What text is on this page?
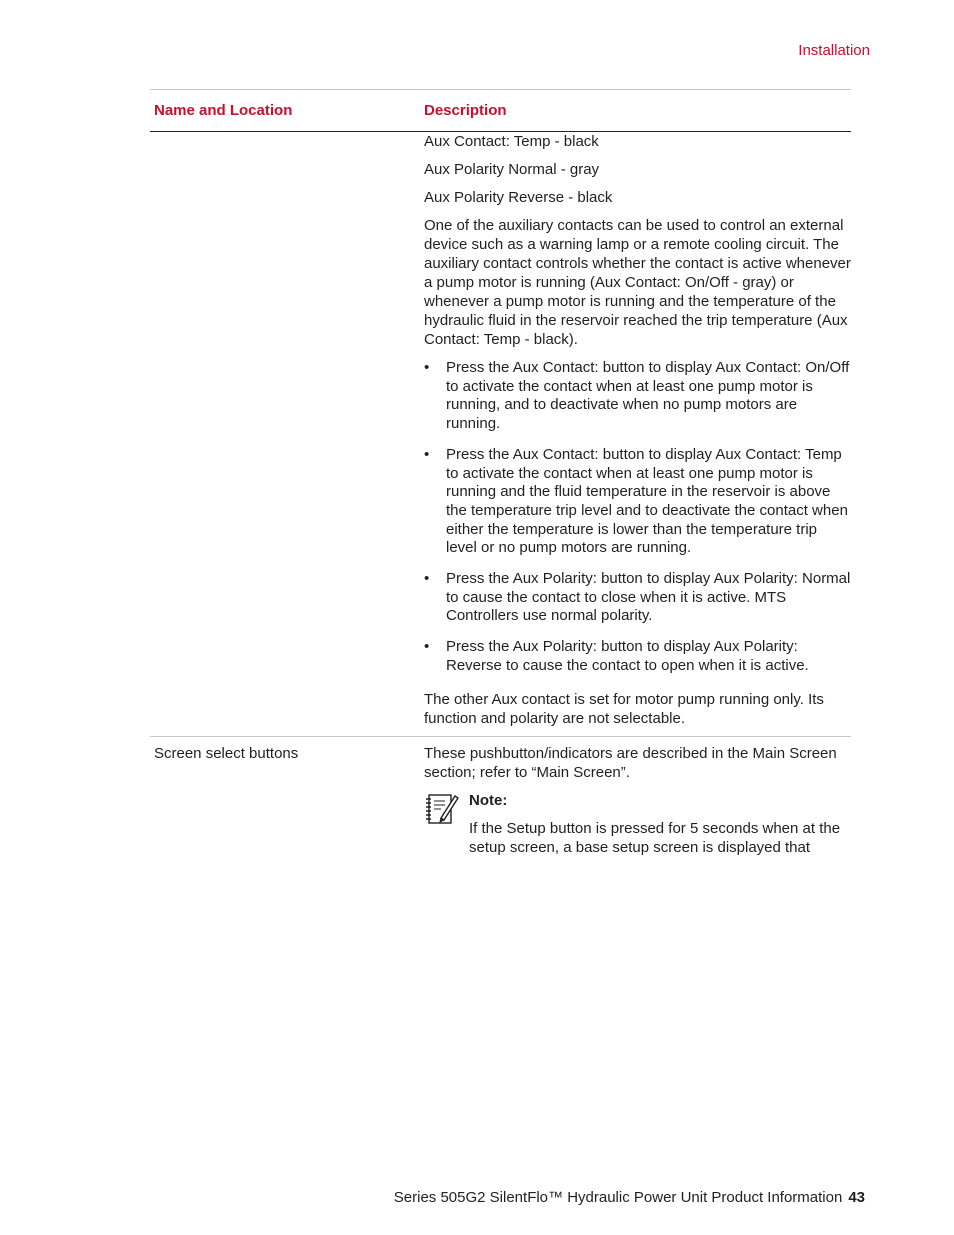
Installation
Name and Location	Description

Aux Contact: Temp - black

Aux Polarity Normal - gray

Aux Polarity Reverse - black

One of the auxiliary contacts can be used to control an external device such as a warning lamp or a remote cooling circuit. The auxiliary contact controls whether the contact is active whenever a pump motor is running (Aux Contact: On/Off - gray) or whenever a pump motor is running and the temperature of the hydraulic fluid in the reservoir reached the trip temperature (Aux Contact: Temp - black).

• Press the Aux Contact: button to display Aux Contact: On/Off to activate the contact when at least one pump motor is running, and to deactivate when no pump motors are running.
• Press the Aux Contact: button to display Aux Contact: Temp to activate the contact when at least one pump motor is running and the fluid temperature in the reservoir is above the temperature trip level and to deactivate the contact when either the temperature is lower than the temperature trip level or no pump motors are running.
• Press the Aux Polarity: button to display Aux Polarity: Normal to cause the contact to close when it is active. MTS Controllers use normal polarity.
• Press the Aux Polarity: button to display Aux Polarity: Reverse to cause the contact to open when it is active.

The other Aux contact is set for motor pump running only. Its function and polarity are not selectable.

Screen select buttons	These pushbutton/indicators are described in the Main Screen section; refer to “Main Screen”.

Note:
If the Setup button is pressed for 5 seconds when at the setup screen, a base setup screen is displayed that
Series 505G2 SilentFlo™ Hydraulic Power Unit Product Information 43
